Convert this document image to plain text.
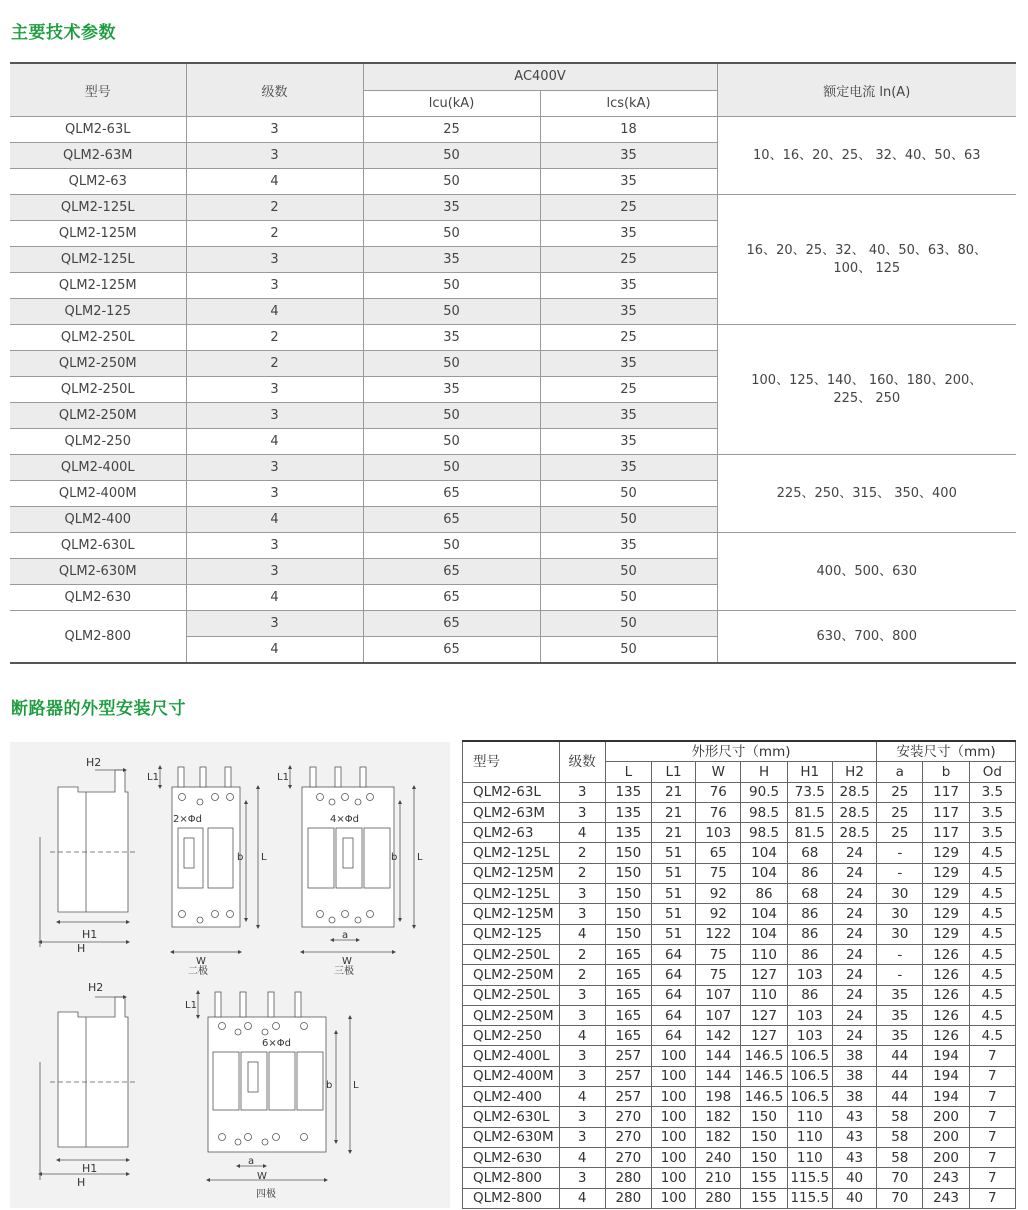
主要技术参数
型号	级数	AC400V		额定电流 ln(A)
		lcu(kA)	lcs(kA)	
QLM2-63L	3	25	18	10、16、20、25、 32、40、50、63
QLM2-63M	3	50	35	
QLM2-63	4	50	35	
QLM2-125L	2	35	25	16、20、25、32、 40、50、63、80、 100、 125
QLM2-125M	2	50	35	
QLM2-125L	3	35	25	
QLM2-125M	3	50	35	
QLM2-125	4	50	35	
QLM2-250L	2	35	25	100、125、140、 160、180、200、 225、 250
QLM2-250M	2	50	35	
QLM2-250L	3	35	25	
QLM2-250M	3	50	35	
QLM2-250	4	50	35	
QLM2-400L	3	50	35	225、250、315、 350、400
QLM2-400M	3	65	50	
QLM2-400	4	65	50	
QLM2-630L	3	50	35	400、500、630
QLM2-630M	3	65	50	
QLM2-630	4	65	50	
QLM2-800	3	65	50	630、700、800
	4	65	50	
断路器的外型安装尺寸
H2
H1
H
L1
2×Φd
b L
W
二极
L1
4×Φd
a
b L
W
三极
H2
H1
H
L1
6×Φd
b L
a
W
四极
型号	级数	外形尺寸（mm)						安装尺寸（mm)		
		L	L1	W	H	H1	H2	a	b	Od
QLM2-63L	3	135	21	76	90.5	73.5	28.5	25	117	3.5
QLM2-63M	3	135	21	76	98.5	81.5	28.5	25	117	3.5
QLM2-63	4	135	21	103	98.5	81.5	28.5	25	117	3.5
QLM2-125L	2	150	51	65	104	68	24	-	129	4.5
QLM2-125M	2	150	51	75	104	86	24	-	129	4.5
QLM2-125L	3	150	51	92	86	68	24	30	129	4.5
QLM2-125M	3	150	51	92	104	86	24	30	129	4.5
QLM2-125	4	150	51	122	104	86	24	30	129	4.5
QLM2-250L	2	165	64	75	110	86	24	-	126	4.5
QLM2-250M	2	165	64	75	127	103	24	-	126	4.5
QLM2-250L	3	165	64	107	110	86	24	35	126	4.5
QLM2-250M	3	165	64	107	127	103	24	35	126	4.5
QLM2-250	4	165	64	142	127	103	24	35	126	4.5
QLM2-400L	3	257	100	144	146.5	106.5	38	44	194	7
QLM2-400M	3	257	100	144	146.5	106.5	38	44	194	7
QLM2-400	4	257	100	198	146.5	106.5	38	44	194	7
QLM2-630L	3	270	100	182	150	110	43	58	200	7
QLM2-630M	3	270	100	182	150	110	43	58	200	7
QLM2-630	4	270	100	240	150	110	43	58	200	7
QLM2-800	3	280	100	210	155	115.5	40	70	243	7
QLM2-800	4	280	100	280	155	115.5	40	70	243	7
